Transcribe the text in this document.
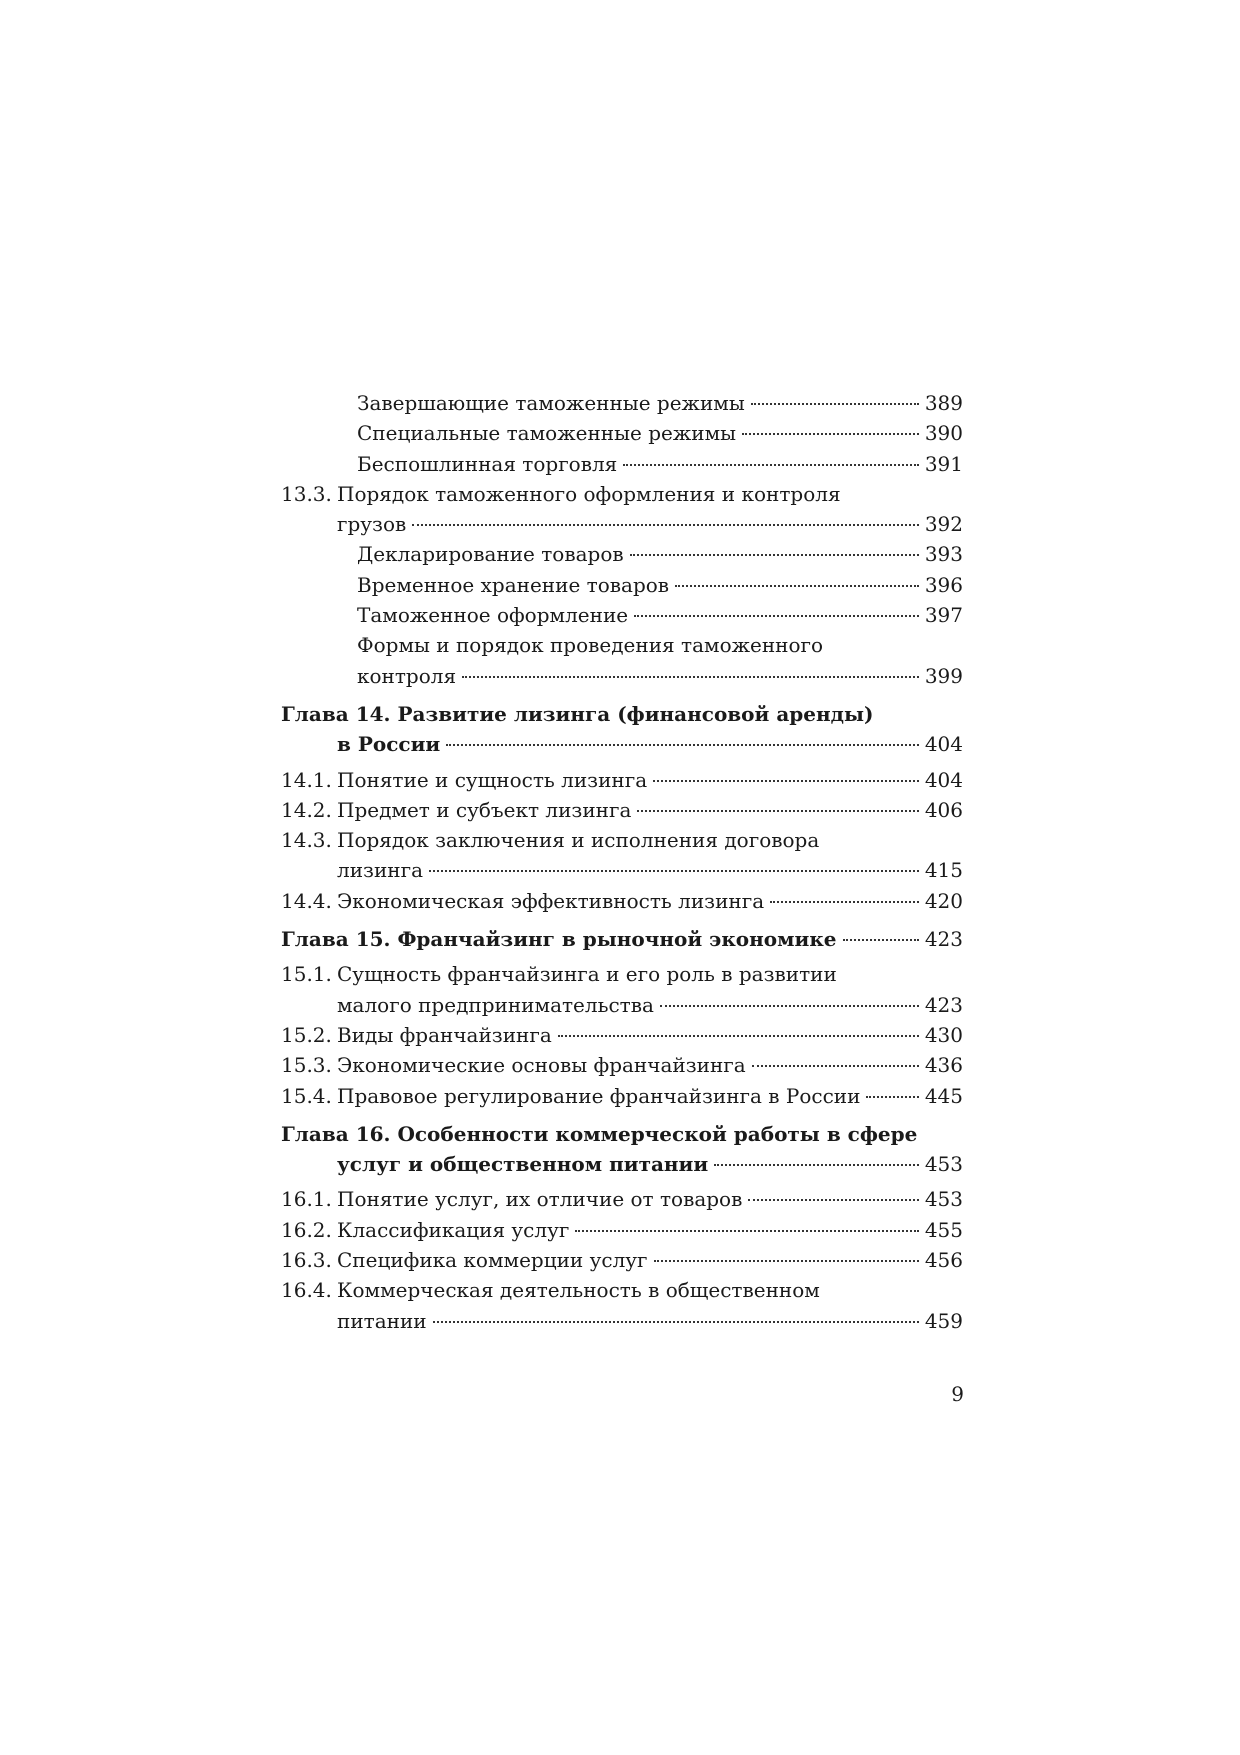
Завершающие таможенные режимы	389
Специальные таможенные режимы	390
Беспошлинная торговля	391
13.3. Порядок таможенного оформления и контроля
грузов	392
Декларирование товаров	393
Временное хранение товаров	396
Таможенное оформление	397
Формы и порядок проведения таможенного
контроля	399
Глава 14. Развитие лизинга (финансовой аренды)
в России	404
14.1. Понятие и сущность лизинга	404
14.2. Предмет и субъект лизинга	406
14.3. Порядок заключения и исполнения договора
лизинга	415
14.4. Экономическая эффективность лизинга	420
Глава 15. Франчайзинг в рыночной экономике	423
15.1. Сущность франчайзинга и его роль в развитии
малого предпринимательства	423
15.2. Виды франчайзинга	430
15.3. Экономические основы франчайзинга	436
15.4. Правовое регулирование франчайзинга в России	445
Глава 16. Особенности коммерческой работы в сфере
услуг и общественном питании	453
16.1. Понятие услуг, их отличие от товаров	453
16.2. Классификация услуг	455
16.3. Специфика коммерции услуг	456
16.4. Коммерческая деятельность в общественном
питании	459
9
